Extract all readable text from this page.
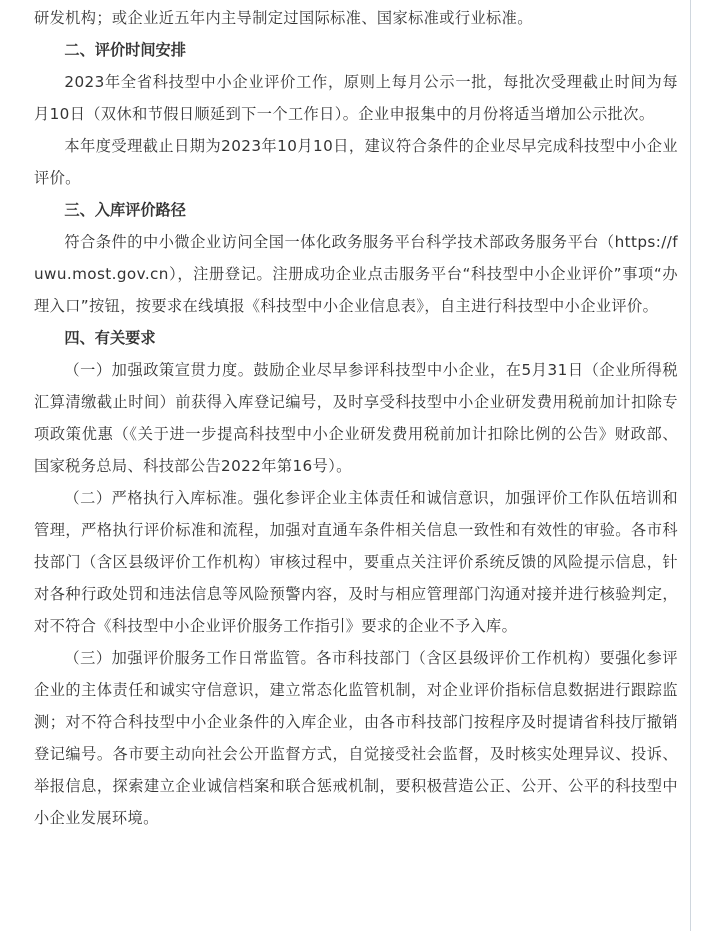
研发机构；或企业近五年内主导制定过国际标准、国家标准或行业标准。

二、评价时间安排

2023年全省科技型中小企业评价工作，原则上每月公示一批，每批次受理截止时间为每月10日（双休和节假日顺延到下一个工作日）。企业申报集中的月份将适当增加公示批次。

本年度受理截止日期为2023年10月10日，建议符合条件的企业尽早完成科技型中小企业评价。

三、入库评价路径

符合条件的中小微企业访问全国一体化政务服务平台科学技术部政务服务平台（https://fuwu.most.gov.cn），注册登记。注册成功企业点击服务平台“科技型中小企业评价”事项“办理入口”按钮，按要求在线填报《科技型中小企业信息表》，自主进行科技型中小企业评价。

四、有关要求

（一）加强政策宣贯力度。鼓励企业尽早参评科技型中小企业，在5月31日（企业所得税汇算清缴截止时间）前获得入库登记编号，及时享受科技型中小企业研发费用税前加计扣除专项政策优惠（《关于进一步提高科技型中小企业研发费用税前加计扣除比例的公告》财政部、国家税务总局、科技部公告2022年第16号）。

（二）严格执行入库标准。强化参评企业主体责任和诚信意识，加强评价工作队伍培训和管理，严格执行评价标准和流程，加强对直通车条件相关信息一致性和有效性的审验。各市科技部门（含区县级评价工作机构）审核过程中，要重点关注评价系统反馈的风险提示信息，针对各种行政处罚和违法信息等风险预警内容，及时与相应管理部门沟通对接并进行核验判定，对不符合《科技型中小企业评价服务工作指引》要求的企业不予入库。

（三）加强评价服务工作日常监管。各市科技部门（含区县级评价工作机构）要强化参评企业的主体责任和诚实守信意识，建立常态化监管机制，对企业评价指标信息数据进行跟踪监测；对不符合科技型中小企业条件的入库企业，由各市科技部门按程序及时提请省科技厅撤销登记编号。各市要主动向社会公开监督方式，自觉接受社会监督，及时核实处理异议、投诉、举报信息，探索建立企业诚信档案和联合惩戒机制，要积极营造公正、公开、公平的科技型中小企业发展环境。
